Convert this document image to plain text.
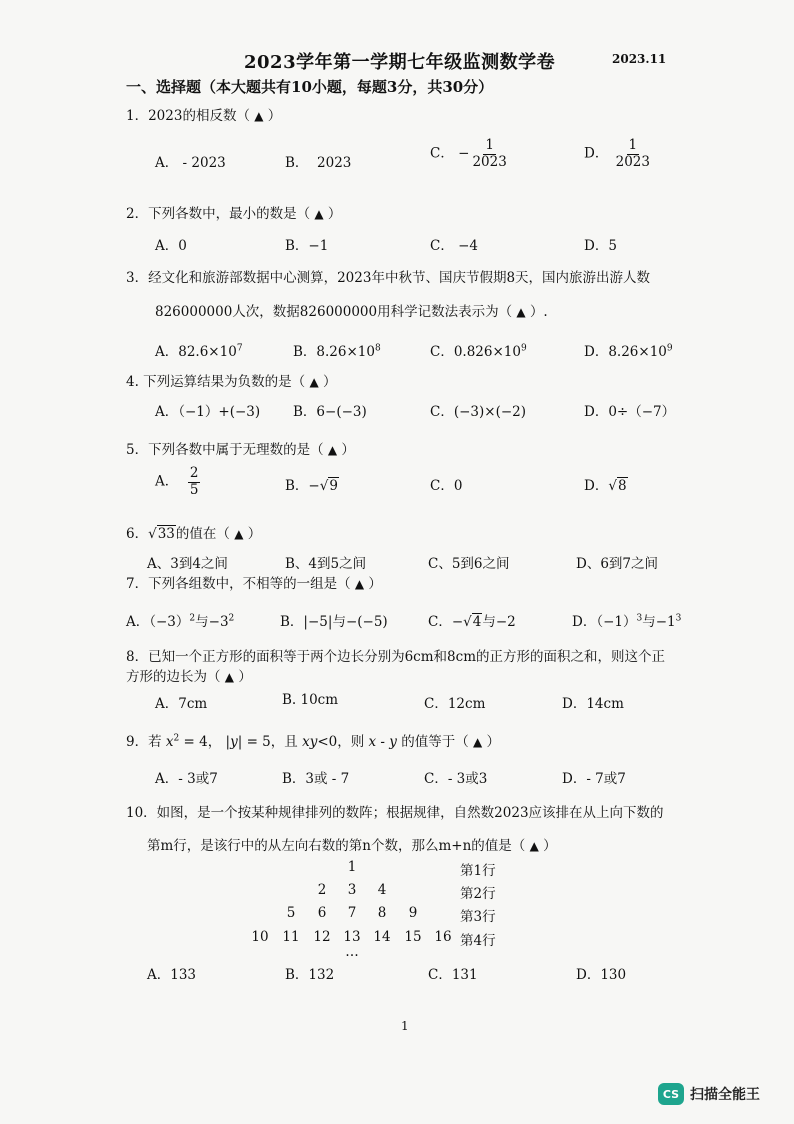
2023学年第一学期七年级监测数学卷	2023.11
一、选择题（本大题共有10小题，每题3分，共30分）
1．2023的相反数（ ▲ ）
A． - 2023	B． 2023
C． − $\frac{1}{2023}$	D． $\frac{1}{2023}$
2．下列各数中，最小的数是（ ▲ ）
A．0	B．−1	C． −4	D．5
3．经文化和旅游部数据中心测算，2023年中秋节、国庆节假期8天，国内旅游出游人数
826000000人次，数据826000000用科学记数法表示为（ ▲ ）.
A．$82.6\times 10^7$	B．$8.26\times 10^8$	C．$0.826\times 10^9$	D．$8.26\times 10^9$
4. 下列运算结果为负数的是（ ▲ ）
A．（−1）+(−3) B．6−(−3)	C．(−3)×(−2)	D．0÷（−7）
5．下列各数中属于无理数的是（ ▲ ）
A． $\frac{2}{5}$	B．−√9	C．0	D．√8
6．√33的值在（ ▲ ）
A、3到4之间	B、4到5之间	C、5到6之间	D、6到7之间
7．下列各组数中，不相等的一组是（ ▲ ）
A．$(-3)^2$与$-3^2$	B．|−5|与−(−5)	C．−√4与−2	D．$(-1)^3$与$-1^3$
8．已知一个正方形的面积等于两个边长分别为6cm和8cm的正方形的面积之和，则这个正
方形的边长为（ ▲ ）
A．7cm	B. 10cm	C．12cm	D．14cm
9．若 $x^2 = 4$， |y| = 5，且 xy<0，则 x - y 的值等于（ ▲ ）
A．- 3或7	B．3或 - 7	C．- 3或3	D．- 7或7
10．如图，是一个按某种规律排列的数阵；根据规律，自然数2023应该排在从上向下数的
第m行，是该行中的从左向右数的第n个数，那么m+n的值是（ ▲ ）
1
2	3	4
5	6	7	8	9
10 11 12 13 14 15 16
…
第1行
第2行
第3行
第4行
A．133	B．132	C．131	D．130
1
CS 扫描全能王
